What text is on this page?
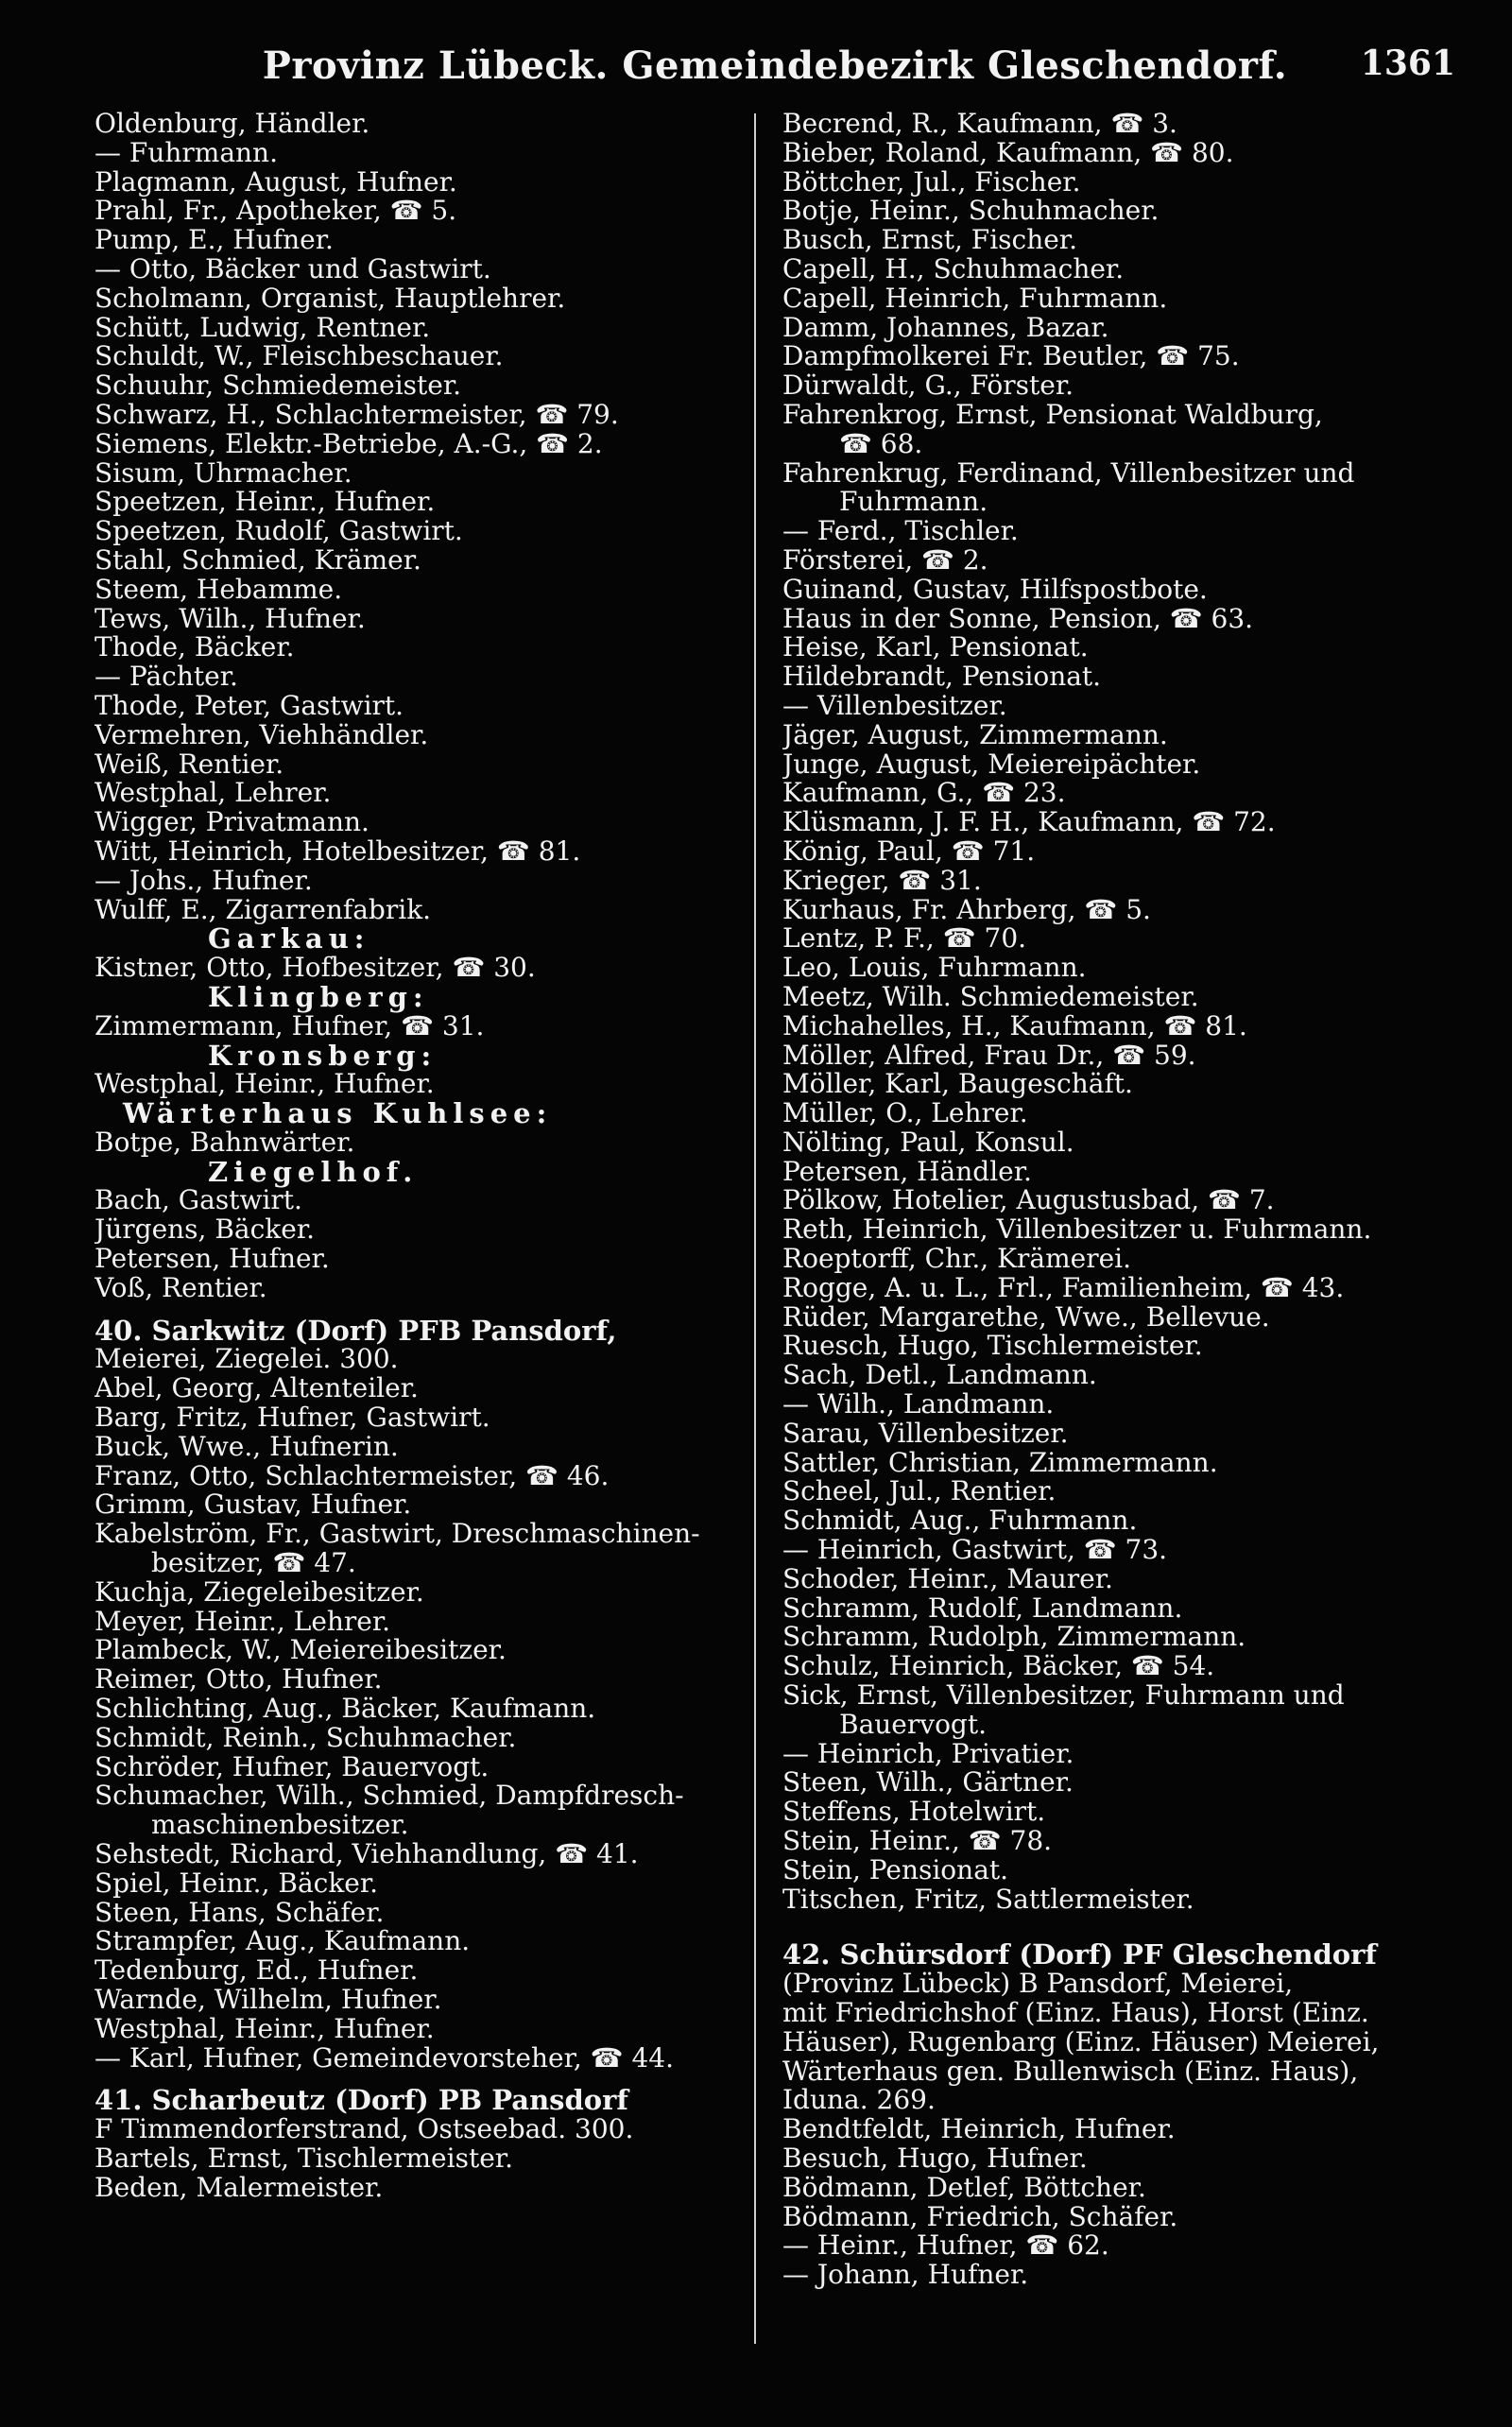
Provinz Lübeck. Gemeindebezirk Gleschendorf.	1361
Oldenburg, Händler.
— Fuhrmann.
Plagmann, August, Hufner.
Prahl, Fr., Apotheker, ☎ 5.
Pump, E., Hufner.
— Otto, Bäcker und Gastwirt.
Scholmann, Organist, Hauptlehrer.
Schütt, Ludwig, Rentner.
Schuldt, W., Fleischbeschauer.
Schuuhr, Schmiedemeister.
Schwarz, H., Schlachtermeister, ☎ 79.
Siemens, Elektr.-Betriebe, A.-G., ☎ 2.
Sisum, Uhrmacher.
Speetzen, Heinr., Hufner.
Speetzen, Rudolf, Gastwirt.
Stahl, Schmied, Krämer.
Steem, Hebamme.
Tews, Wilh., Hufner.
Thode, Bäcker.
— Pächter.
Thode, Peter, Gastwirt.
Vermehren, Viehhändler.
Weiß, Rentier.
Westphal, Lehrer.
Wigger, Privatmann.
Witt, Heinrich, Hotelbesitzer, ☎ 81.
— Johs., Hufner.
Wulff, E., Zigarrenfabrik.
Garkau:
Kistner, Otto, Hofbesitzer, ☎ 30.
Klingberg:
Zimmermann, Hufner, ☎ 31.
Kronsberg:
Westphal, Heinr., Hufner.
Wärterhaus Kuhlsee:
Botpe, Bahnwärter.
Ziegelhof.
Bach, Gastwirt.
Jürgens, Bäcker.
Petersen, Hufner.
Voß, Rentier.
40. Sarkwitz (Dorf) PFB Pansdorf,
Meierei, Ziegelei. 300.
Abel, Georg, Altenteiler.
Barg, Fritz, Hufner, Gastwirt.
Buck, Wwe., Hufnerin.
Franz, Otto, Schlachtermeister, ☎ 46.
Grimm, Gustav, Hufner.
Kabelström, Fr., Gastwirt, Dreschmaschinen-
besitzer, ☎ 47.
Kuchja, Ziegeleibesitzer.
Meyer, Heinr., Lehrer.
Plambeck, W., Meiereibesitzer.
Reimer, Otto, Hufner.
Schlichting, Aug., Bäcker, Kaufmann.
Schmidt, Reinh., Schuhmacher.
Schröder, Hufner, Bauervogt.
Schumacher, Wilh., Schmied, Dampfdresch-
maschinenbesitzer.
Sehstedt, Richard, Viehhandlung, ☎ 41.
Spiel, Heinr., Bäcker.
Steen, Hans, Schäfer.
Strampfer, Aug., Kaufmann.
Tedenburg, Ed., Hufner.
Warnde, Wilhelm, Hufner.
Westphal, Heinr., Hufner.
— Karl, Hufner, Gemeindevorsteher, ☎ 44.
41. Scharbeutz (Dorf) PB Pansdorf
F Timmendorferstrand, Ostseebad. 300.
Bartels, Ernst, Tischlermeister.
Beden, Malermeister.
Becrend, R., Kaufmann, ☎ 3.
Bieber, Roland, Kaufmann, ☎ 80.
Böttcher, Jul., Fischer.
Botje, Heinr., Schuhmacher.
Busch, Ernst, Fischer.
Capell, H., Schuhmacher.
Capell, Heinrich, Fuhrmann.
Damm, Johannes, Bazar.
Dampfmolkerei Fr. Beutler, ☎ 75.
Dürwaldt, G., Förster.
Fahrenkrog, Ernst, Pensionat Waldburg,
☎ 68.
Fahrenkrug, Ferdinand, Villenbesitzer und
Fuhrmann.
— Ferd., Tischler.
Försterei, ☎ 2.
Guinand, Gustav, Hilfspostbote.
Haus in der Sonne, Pension, ☎ 63.
Heise, Karl, Pensionat.
Hildebrandt, Pensionat.
— Villenbesitzer.
Jäger, August, Zimmermann.
Junge, August, Meiereipächter.
Kaufmann, G., ☎ 23.
Klüsmann, J. F. H., Kaufmann, ☎ 72.
König, Paul, ☎ 71.
Krieger, ☎ 31.
Kurhaus, Fr. Ahrberg, ☎ 5.
Lentz, P. F., ☎ 70.
Leo, Louis, Fuhrmann.
Meetz, Wilh. Schmiedemeister.
Michahelles, H., Kaufmann, ☎ 81.
Möller, Alfred, Frau Dr., ☎ 59.
Möller, Karl, Baugeschäft.
Müller, O., Lehrer.
Nölting, Paul, Konsul.
Petersen, Händler.
Pölkow, Hotelier, Augustusbad, ☎ 7.
Reth, Heinrich, Villenbesitzer u. Fuhrmann.
Roeptorff, Chr., Krämerei.
Rogge, A. u. L., Frl., Familienheim, ☎ 43.
Rüder, Margarethe, Wwe., Bellevue.
Ruesch, Hugo, Tischlermeister.
Sach, Detl., Landmann.
— Wilh., Landmann.
Sarau, Villenbesitzer.
Sattler, Christian, Zimmermann.
Scheel, Jul., Rentier.
Schmidt, Aug., Fuhrmann.
— Heinrich, Gastwirt, ☎ 73.
Schoder, Heinr., Maurer.
Schramm, Rudolf, Landmann.
Schramm, Rudolph, Zimmermann.
Schulz, Heinrich, Bäcker, ☎ 54.
Sick, Ernst, Villenbesitzer, Fuhrmann und
Bauervogt.
— Heinrich, Privatier.
Steen, Wilh., Gärtner.
Steffens, Hotelwirt.
Stein, Heinr., ☎ 78.
Stein, Pensionat.
Titschen, Fritz, Sattlermeister.
42. Schürsdorf (Dorf) PF Gleschendorf
(Provinz Lübeck) B Pansdorf, Meierei,
mit Friedrichshof (Einz. Haus), Horst (Einz.
Häuser), Rugenbarg (Einz. Häuser) Meierei,
Wärterhaus gen. Bullenwisch (Einz. Haus),
Iduna. 269.
Bendtfeldt, Heinrich, Hufner.
Besuch, Hugo, Hufner.
Bödmann, Detlef, Böttcher.
Bödmann, Friedrich, Schäfer.
— Heinr., Hufner, ☎ 62.
— Johann, Hufner.
